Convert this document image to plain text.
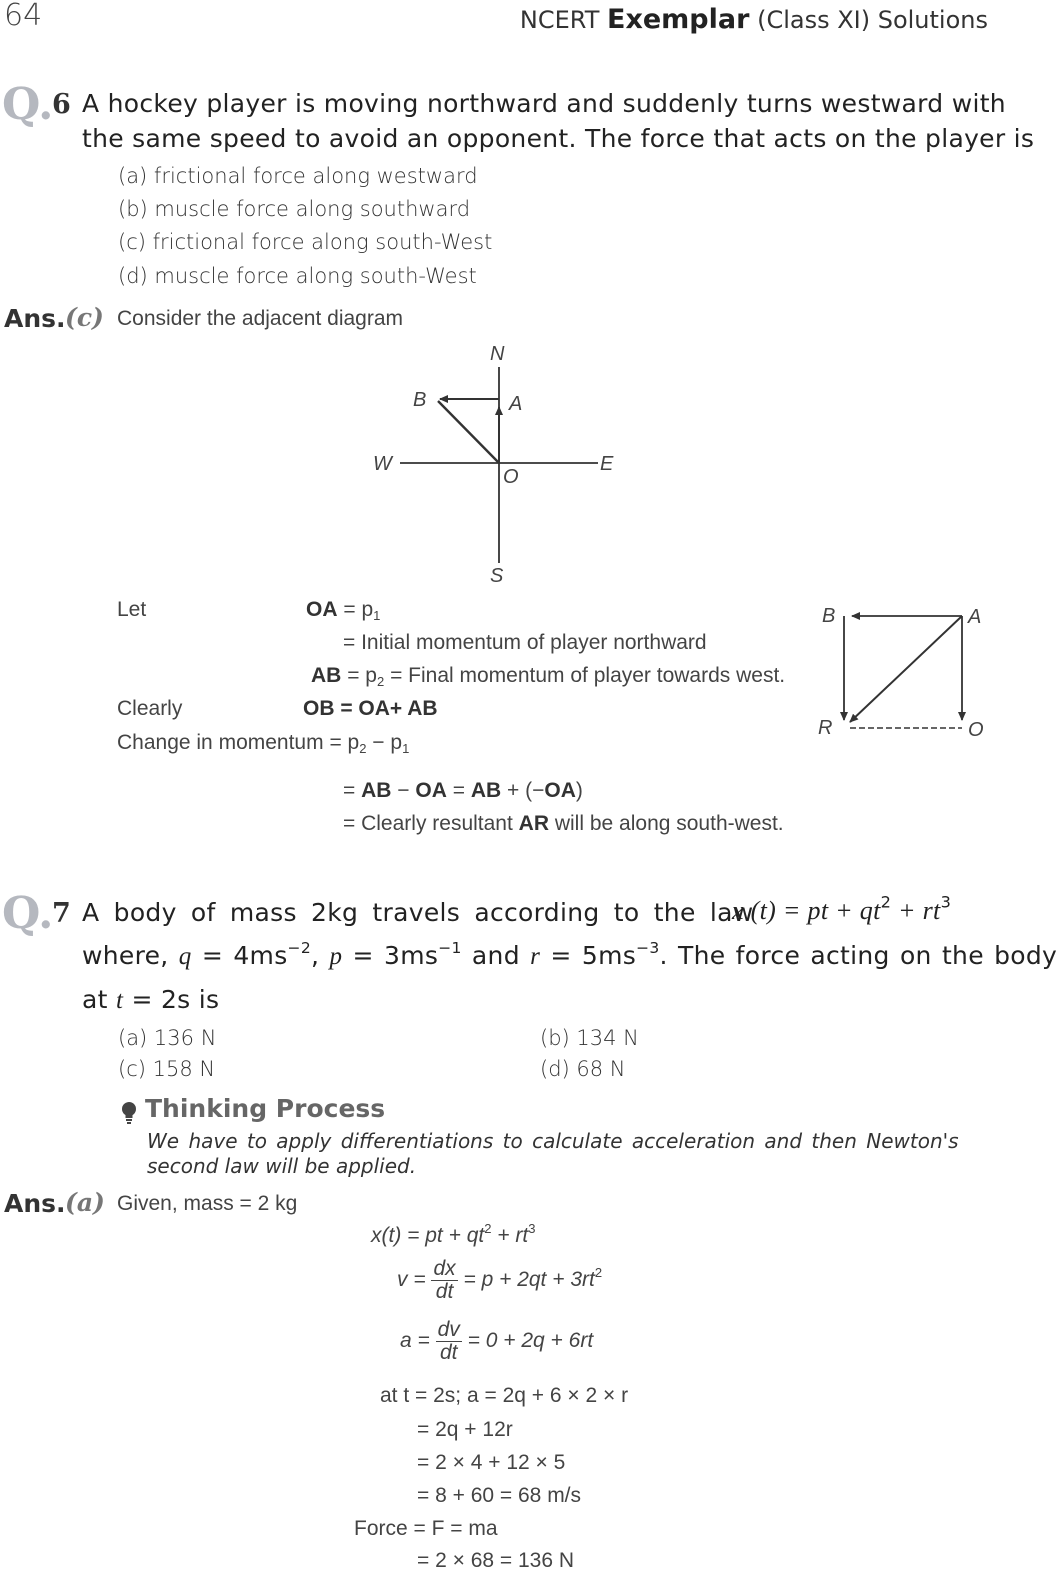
64	NCERT Exemplar (Class XI) Solutions
Q.
6 A hockey player is moving northward and suddenly turns westward with
the same speed to avoid an opponent. The force that acts on the player is
(a) frictional force along westward
(b) muscle force along southward
(c) frictional force along south-West
(d) muscle force along south-West
Ans. (c) Consider the adjacent diagram
N
S
E
W
O
A
B
B	A
R	O
Let	OA = $p_1$
= Initial momentum of player northward
AB = $p_2$ = Final momentum of player towards west.
Clearly	OB = OA+ AB
Change in momentum = $p_2 - p_1$
= AB − OA = AB + (−OA)
= Clearly resultant AR will be along south-west.
Q.
7 A body of mass 2kg travels according to the law
x (t) = pt + $qt^2 + rt^3$
where, $q = 4ms^{-2}$, $p = 3ms^{-1}$ and $r = 5ms^{-3}$. The force acting on the body
at t = 2s is
(a) 136 N	(b) 134 N
(c) 158 N	(d) 68 N
Thinking Process
We have to apply differentiations to calculate acceleration and then Newton's
second law will be applied.
Ans. (a) Given, mass = 2 kg
x(t) = pt + $qt^2 + rt^3$
$v = \frac{dx}{dt} = p + 2qt + 3rt^2$
$a = \frac{dv}{dt} = 0 + 2q + 6rt$
at t = 2s; a = 2q + 6 × 2 × r
= 2q + 12r
= 2 × 4 + 12 × 5
= 8 + 60 = 68 m/s
Force = F = ma
= 2 × 68 = 136 N
